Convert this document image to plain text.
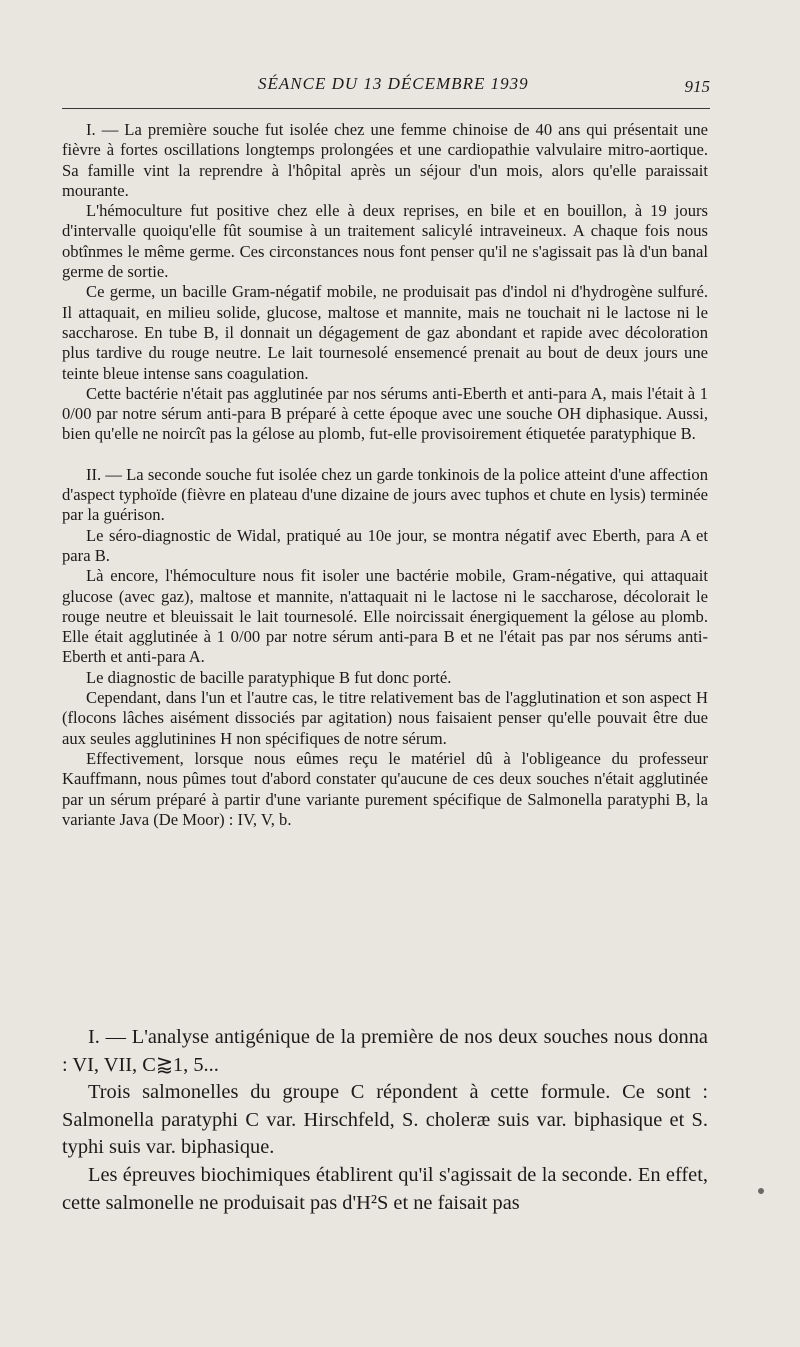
SÉANCE DU 13 DÉCEMBRE 1939	915

I. — La première souche fut isolée chez une femme chinoise de 40 ans qui présentait une fièvre à fortes oscillations longtemps prolongées et une cardiopathie valvulaire mitro-aortique. Sa famille vint la reprendre à l'hôpital après un séjour d'un mois, alors qu'elle paraissait mourante.

L'hémoculture fut positive chez elle à deux reprises, en bile et en bouillon, à 19 jours d'intervalle quoiqu'elle fût soumise à un traitement salicylé intraveineux. A chaque fois nous obtînmes le même germe. Ces circonstances nous font penser qu'il ne s'agissait pas là d'un banal germe de sortie.

Ce germe, un bacille Gram-négatif mobile, ne produisait pas d'indol ni d'hydrogène sulfuré. Il attaquait, en milieu solide, glucose, maltose et mannite, mais ne touchait ni le lactose ni le saccharose. En tube B, il donnait un dégagement de gaz abondant et rapide avec décoloration plus tardive du rouge neutre. Le lait tournesolé ensemencé prenait au bout de deux jours une teinte bleue intense sans coagulation.

Cette bactérie n'était pas agglutinée par nos sérums anti-Eberth et anti-para A, mais l'était à 1 0/00 par notre sérum anti-para B préparé à cette époque avec une souche OH diphasique. Aussi, bien qu'elle ne noircît pas la gélose au plomb, fut-elle provisoirement étiquetée paratyphique B.

II. — La seconde souche fut isolée chez un garde tonkinois de la police atteint d'une affection d'aspect typhoïde (fièvre en plateau d'une dizaine de jours avec tuphos et chute en lysis) terminée par la guérison.

Le séro-diagnostic de Widal, pratiqué au 10e jour, se montra négatif avec Eberth, para A et para B.

Là encore, l'hémoculture nous fit isoler une bactérie mobile, Gram-négative, qui attaquait glucose (avec gaz), maltose et mannite, n'attaquait ni le lactose ni le saccharose, décolorait le rouge neutre et bleuissait le lait tournesolé. Elle noircissait énergiquement la gélose au plomb. Elle était agglutinée à 1 0/00 par notre sérum anti-para B et ne l'était pas par nos sérums anti-Eberth et anti-para A.

Le diagnostic de bacille paratyphique B fut donc porté.

Cependant, dans l'un et l'autre cas, le titre relativement bas de l'agglutination et son aspect H (flocons lâches aisément dissociés par agitation) nous faisaient penser qu'elle pouvait être due aux seules agglutinines H non spécifiques de notre sérum.

Effectivement, lorsque nous eûmes reçu le matériel dû à l'obligeance du professeur Kauffmann, nous pûmes tout d'abord constater qu'aucune de ces deux souches n'était agglutinée par un sérum préparé à partir d'une variante purement spécifique de Salmonella paratyphi B, la variante Java (De Moor) : IV, V, b.

I. — L'analyse antigénique de la première de nos deux souches nous donna : VI, VII, C⪆1, 5...

Trois salmonelles du groupe C répondent à cette formule. Ce sont : Salmonella paratyphi C var. Hirschfeld, S. choleræ suis var. biphasique et S. typhi suis var. biphasique.

Les épreuves biochimiques établirent qu'il s'agissait de la seconde. En effet, cette salmonelle ne produisait pas d'H²S et ne faisait pas
